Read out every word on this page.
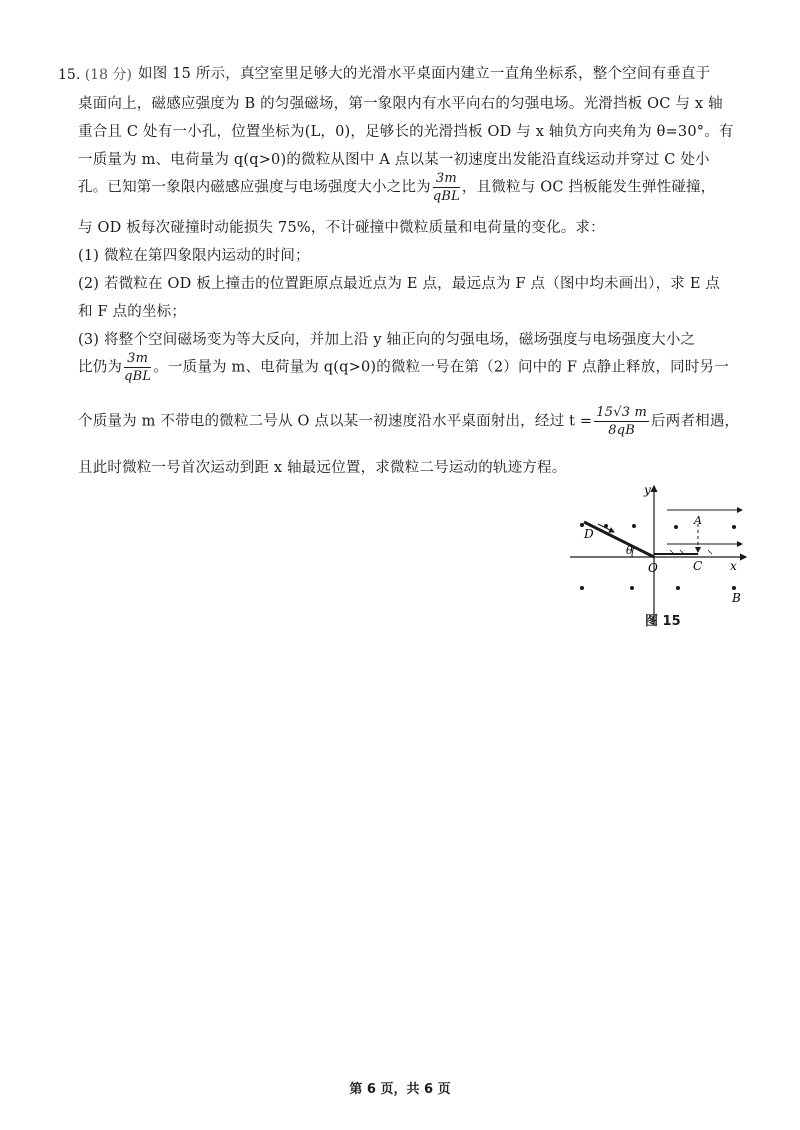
15. (18 分) 如图 15 所示，真空室里足够大的光滑水平桌面内建立一直角坐标系，整个空间有垂直于
桌面向上，磁感应强度为 B 的匀强磁场，第一象限内有水平向右的匀强电场。光滑挡板 OC 与 x 轴
重合且 C 处有一小孔，位置坐标为(L，0)，足够长的光滑挡板 OD 与 x 轴负方向夹角为 θ=30°。有
一质量为 m、电荷量为 q(q>0)的微粒从图中 A 点以某一初速度出发能沿直线运动并穿过 C 处小
孔。已知第一象限内磁感应强度与电场强度大小之比为 $\frac{3m}{\text{qBL}}$ ，且微粒与 OC 挡板能发生弹性碰撞，
与 OD 板每次碰撞时动能损失 75%，不计碰撞中微粒质量和电荷量的变化。求：
(1) 微粒在第四象限内运动的时间；
(2) 若微粒在 OD 板上撞击的位置距原点最近点为 E 点，最远点为 F 点（图中均未画出），求 E 点
和 F 点的坐标；
(3) 将整个空间磁场变为等大反向，并加上沿 y 轴正向的匀强电场，磁场强度与电场强度大小之
比仍为 $\frac{3m}{\text{qBL}}$ 。一质量为 m、电荷量为 q(q>0)的微粒一号在第（2）问中的 F 点静止释放，同时另一
个质量为 m 不带电的微粒二号从 O 点以某一初速度沿水平桌面射出，经过 $t = \frac{15√3 m}{8qB}$ 后两者相遇，
且此时微粒一号首次运动到距 x 轴最远位置，求微粒二号运动的轨迹方程。
y
x
O
A
C
D
B
θ
图 15
第 6 页，共 6 页
